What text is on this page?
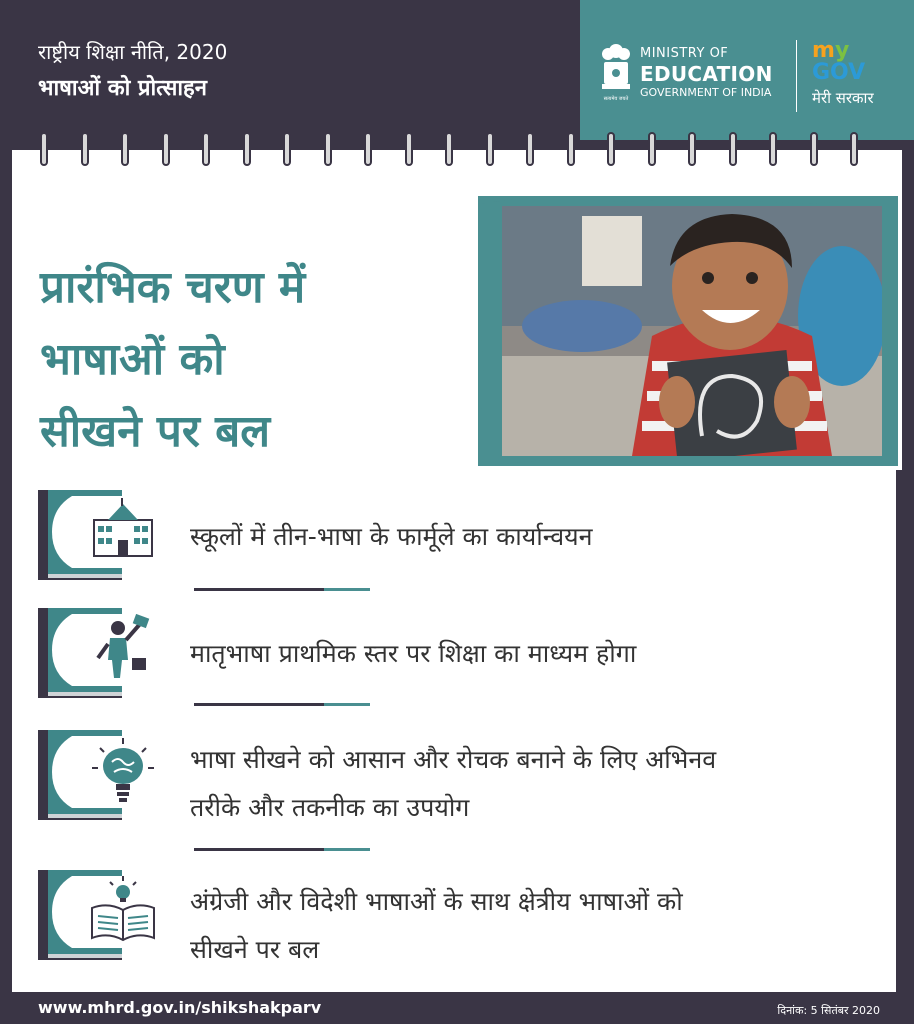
राष्ट्रीय शिक्षा नीति, 2020
भाषाओं को प्रोत्साहन	सत्यमेव जयते
MINISTRY OF
EDUCATION
GOVERNMENT OF INDIA
my
GOV
मेरी सरकार
प्रारंभिक चरण में
भाषाओं को
सीखने पर बल
स्कूलों में तीन-भाषा के फार्मूले का कार्यान्वयन
मातृभाषा प्राथमिक स्तर पर शिक्षा का माध्यम होगा
भाषा सीखने को आसान और रोचक बनाने के लिए अभिनव
तरीके और तकनीक का उपयोग
अंग्रेजी और विदेशी भाषाओं के साथ क्षेत्रीय भाषाओं को
सीखने पर बल
www.mhrd.gov.in/shikshakparv	दिनांक: 5 सितंबर 2020
